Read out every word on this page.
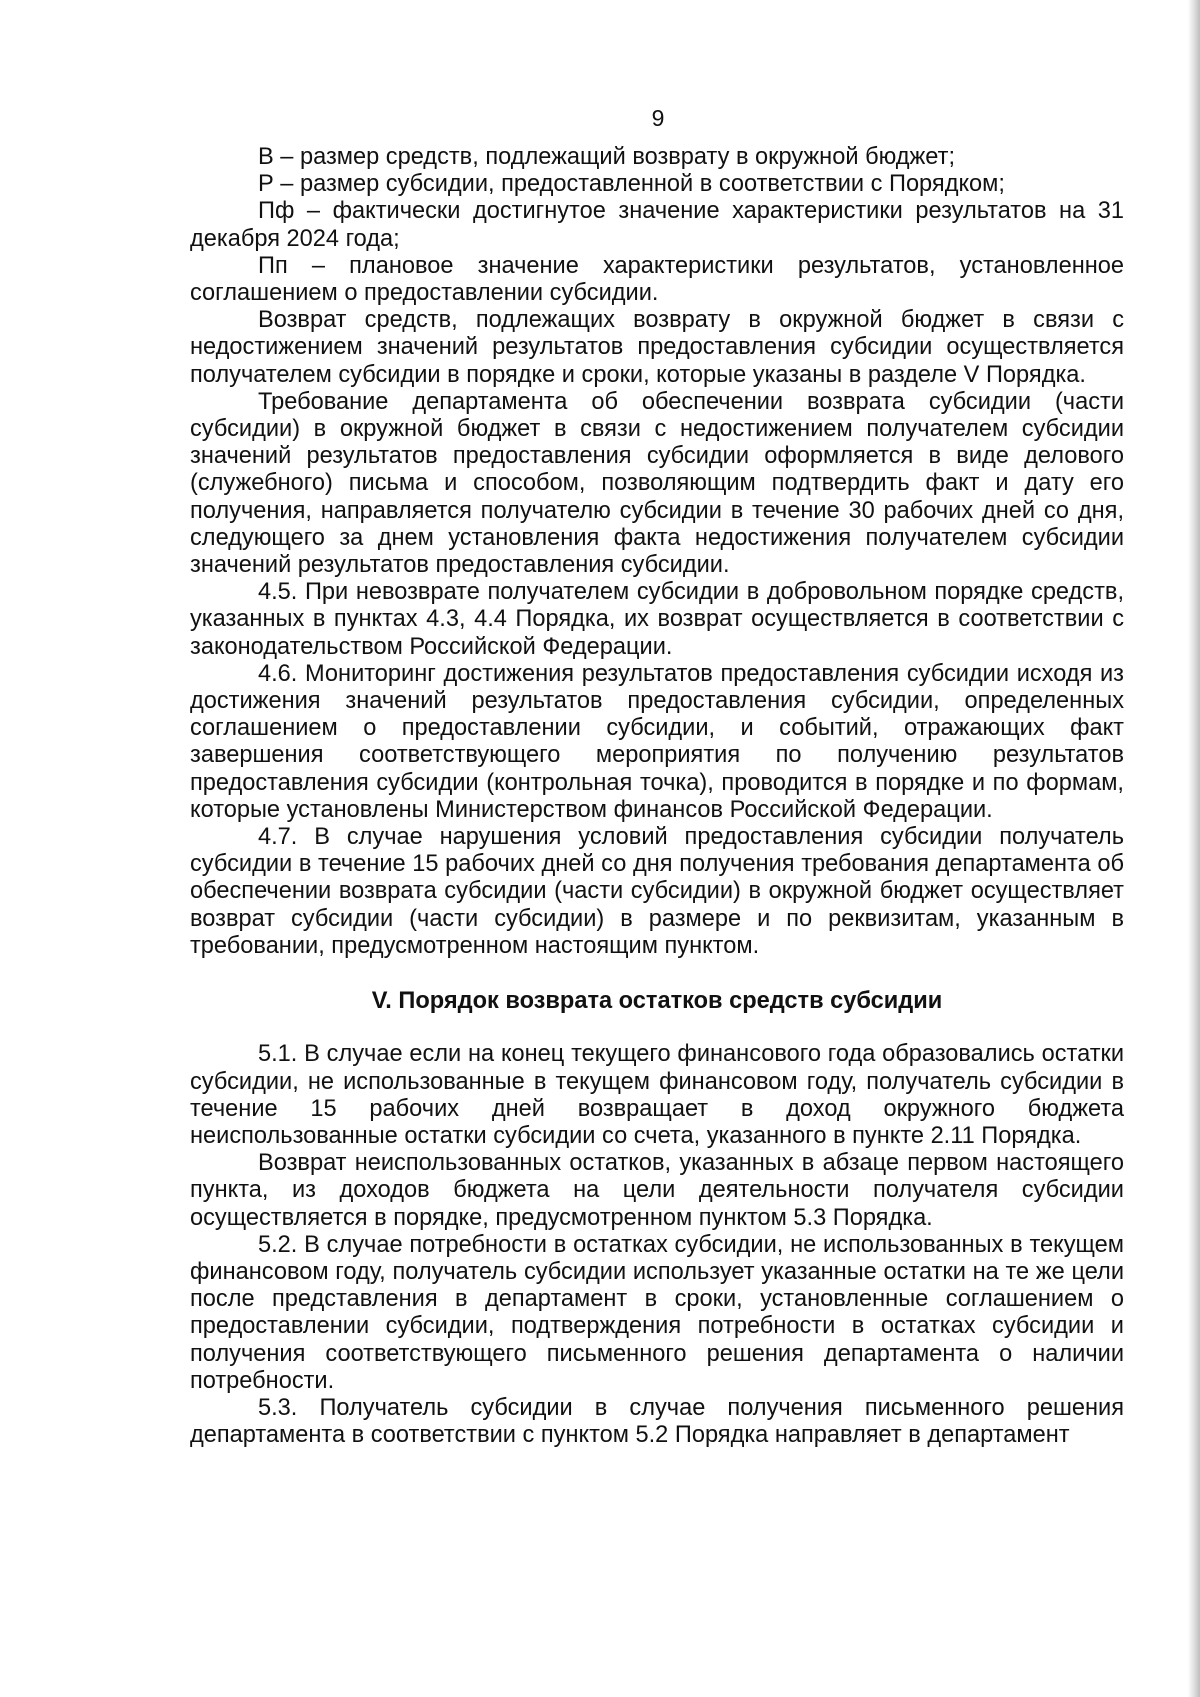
9

В – размер средств, подлежащий возврату в окружной бюджет;

Р – размер субсидии, предоставленной в соответствии с Порядком;

Пф – фактически достигнутое значение характеристики результатов на 31 декабря 2024 года;

Пп – плановое значение характеристики результатов, установленное соглашением о предоставлении субсидии.

Возврат средств, подлежащих возврату в окружной бюджет в связи с недостижением значений результатов предоставления субсидии осуществляется получателем субсидии в порядке и сроки, которые указаны в разделе V Порядка.

Требование департамента об обеспечении возврата субсидии (части субсидии) в окружной бюджет в связи с недостижением получателем субсидии значений результатов предоставления субсидии оформляется в виде делового (служебного) письма и способом, позволяющим подтвердить факт и дату его получения, направляется получателю субсидии в течение 30 рабочих дней со дня, следующего за днем установления факта недостижения получателем субсидии значений результатов предоставления субсидии.

4.5. При невозврате получателем субсидии в добровольном порядке средств, указанных в пунктах 4.3, 4.4 Порядка, их возврат осуществляется в соответствии с законодательством Российской Федерации.

4.6. Мониторинг достижения результатов предоставления субсидии исходя из достижения значений результатов предоставления субсидии, определенных соглашением о предоставлении субсидии, и событий, отражающих факт завершения соответствующего мероприятия по получению результатов предоставления субсидии (контрольная точка), проводится в порядке и по формам, которые установлены Министерством финансов Российской Федерации.

4.7. В случае нарушения условий предоставления субсидии получатель субсидии в течение 15 рабочих дней со дня получения требования департамента об обеспечении возврата субсидии (части субсидии) в окружной бюджет осуществляет возврат субсидии (части субсидии) в размере и по реквизитам, указанным в требовании, предусмотренном настоящим пунктом.

V. Порядок возврата остатков средств субсидии

5.1. В случае если на конец текущего финансового года образовались остатки субсидии, не использованные в текущем финансовом году, получатель субсидии в течение 15 рабочих дней возвращает в доход окружного бюджета неиспользованные остатки субсидии со счета, указанного в пункте 2.11 Порядка.

Возврат неиспользованных остатков, указанных в абзаце первом настоящего пункта, из доходов бюджета на цели деятельности получателя субсидии осуществляется в порядке, предусмотренном пунктом 5.3 Порядка.

5.2. В случае потребности в остатках субсидии, не использованных в текущем финансовом году, получатель субсидии использует указанные остатки на те же цели после представления в департамент в сроки, установленные соглашением о предоставлении субсидии, подтверждения потребности в остатках субсидии и получения соответствующего письменного решения департамента о наличии потребности.

5.3. Получатель субсидии в случае получения письменного решения департамента в соответствии с пунктом 5.2 Порядка направляет в департамент
